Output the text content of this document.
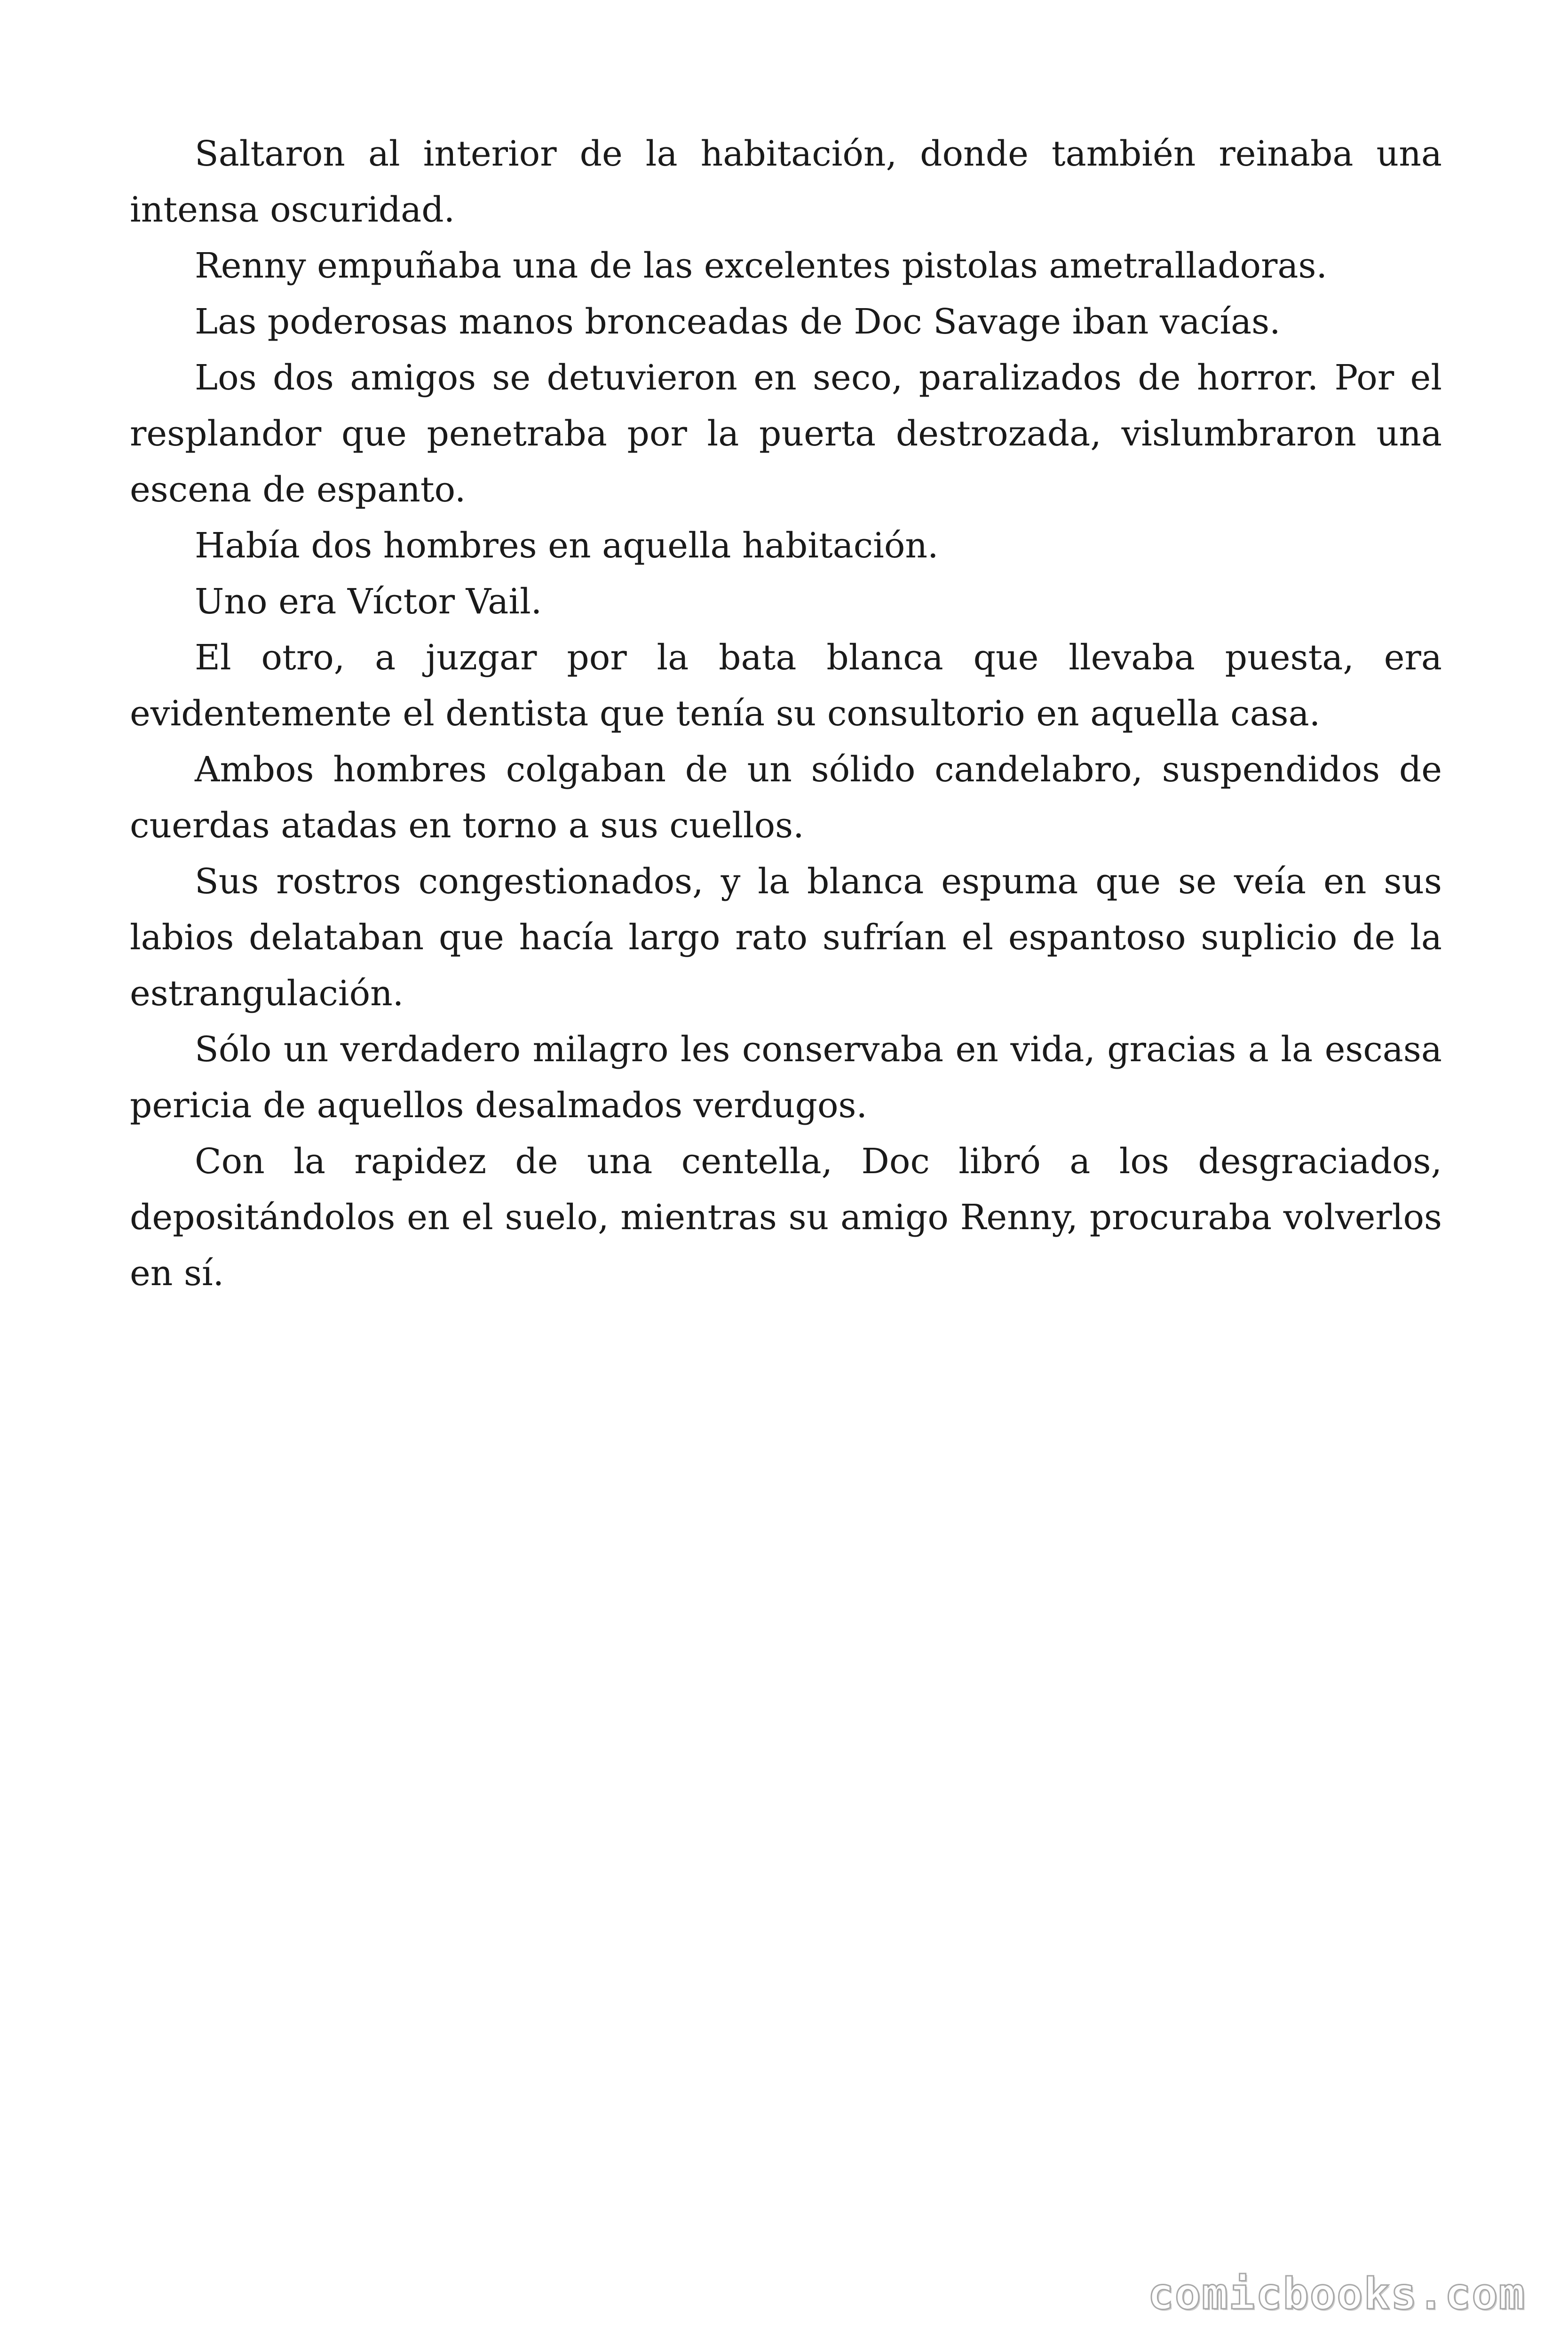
Saltaron al interior de la habitación, donde también reinaba una intensa oscuridad.

Renny empuñaba una de las excelentes pistolas ametralladoras.

Las poderosas manos bronceadas de Doc Savage iban vacías.

Los dos amigos se detuvieron en seco, paralizados de horror. Por el resplandor que penetraba por la puerta destrozada, vislumbraron una escena de espanto.

Había dos hombres en aquella habitación.

Uno era Víctor Vail.

El otro, a juzgar por la bata blanca que llevaba puesta, era evidentemente el dentista que tenía su consultorio en aquella casa.

Ambos hombres colgaban de un sólido candelabro, suspendidos de cuerdas atadas en torno a sus cuellos.

Sus rostros congestionados, y la blanca espuma que se veía en sus labios delataban que hacía largo rato sufrían el espantoso suplicio de la estrangulación.

Sólo un verdadero milagro les conservaba en vida, gracias a la escasa pericia de aquellos desalmados verdugos.

Con la rapidez de una centella, Doc libró a los desgraciados, depositándolos en el suelo, mientras su amigo Renny, procuraba volverlos en sí.

comicbooks.com
